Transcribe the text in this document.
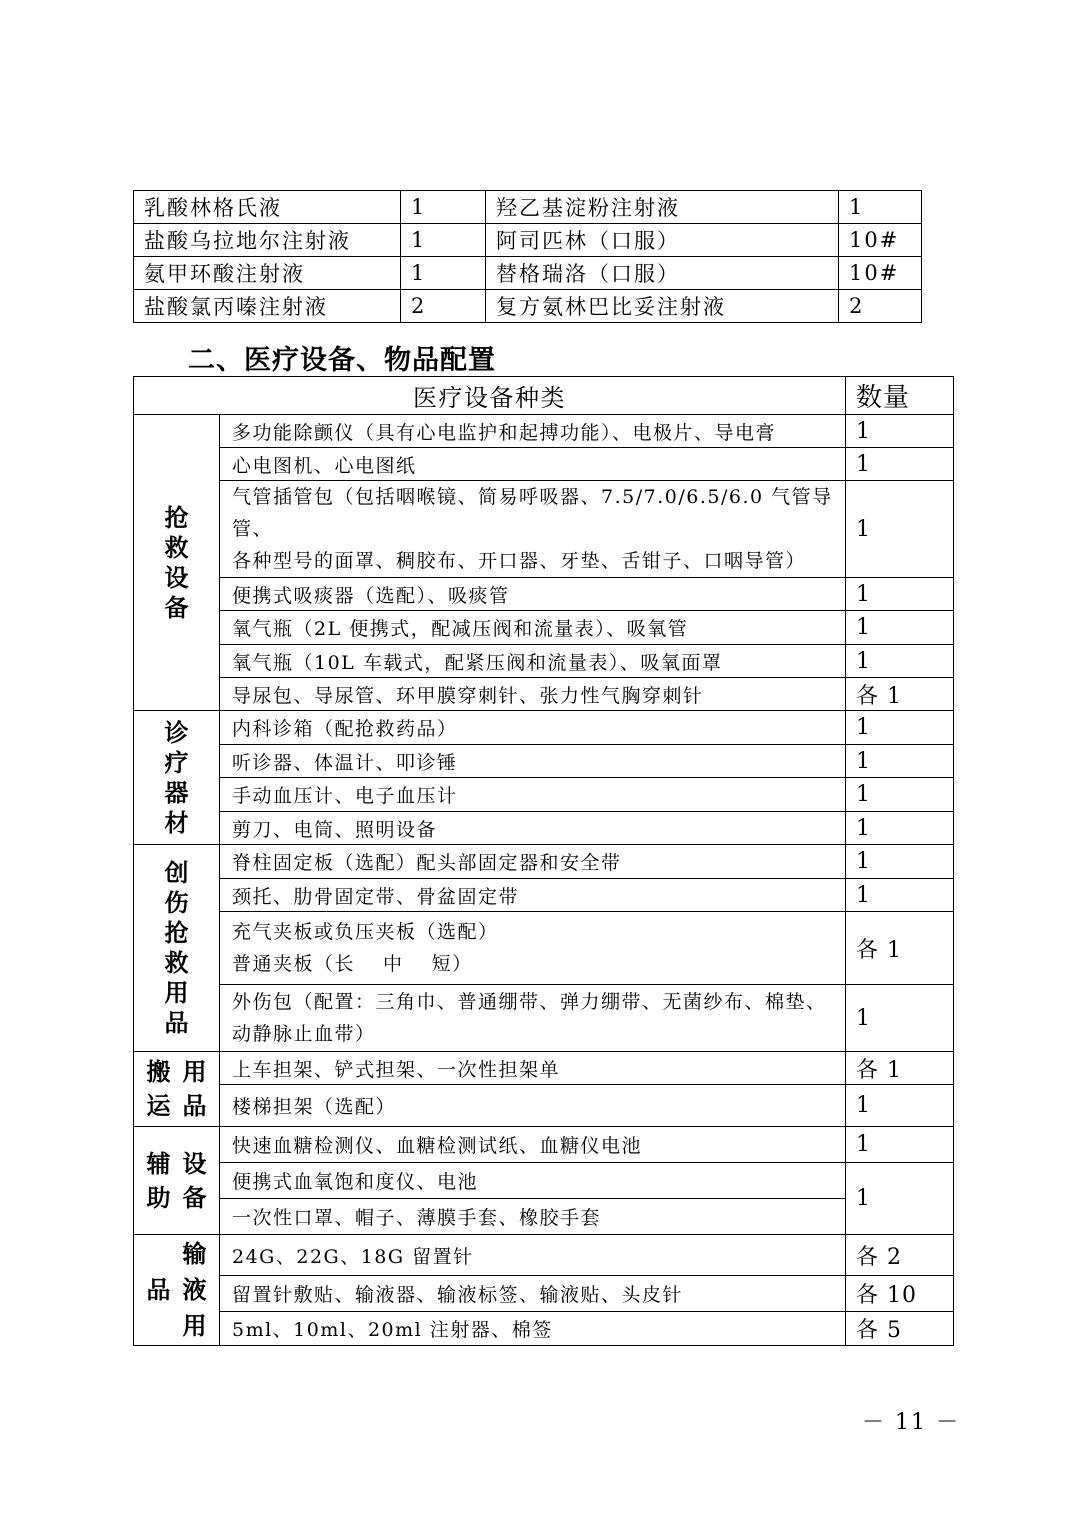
乳酸林格氏液	1	羟乙基淀粉注射液	1
盐酸乌拉地尔注射液	1	阿司匹林（口服）	10#
氨甲环酸注射液	1	替格瑞洛（口服）	10#
盐酸氯丙嗪注射液	2	复方氨林巴比妥注射液	2
二、医疗设备、物品配置
医疗设备种类		数量
抢救设备	多功能除颤仪（具有心电监护和起搏功能）、电极片、导电膏	1
	心电图机、心电图纸	1

	气管插管包（包括咽喉镜、简易呼吸器、7.5/7.0/6.5/6.0 气管导管、
各种型号的面罩、稠胶布、开口器、牙垫、舌钳子、口咽导管）	1
	便携式吸痰器（选配）、吸痰管	1
	氧气瓶（2L 便携式，配减压阀和流量表）、吸氧管	1
	氧气瓶（10L 车载式，配紧压阀和流量表）、吸氧面罩	1
	导尿包、导尿管、环甲膜穿刺针、张力性气胸穿刺针	各 1
诊疗器材	内科诊箱（配抢救药品）	1
	听诊器、体温计、叩诊锤	1
	手动血压计、电子血压计	1
	剪刀、电筒、照明设备	1
创伤抢救用品	脊柱固定板（选配）配头部固定器和安全带	1
	颈托、肋骨固定带、骨盆固定带	1

	充气夹板或负压夹板（选配）
普通夹板（长　 中　 短）	各 1

	外伤包（配置：三角巾、普通绷带、弹力绷带、无菌纱布、棉垫、
动静脉止血带）	1

搬 用
运 品	上车担架、铲式担架、一次性担架单	各 1
	楼梯担架（选配）	1

辅 设
助 备	快速血糖检测仪、血糖检测试纸、血糖仪电池	1
	便携式血氧饱和度仪、电池	1
	一次性口罩、帽子、薄膜手套、橡胶手套	

输
品 液
用	24G、22G、18G 留置针	各 2
	留置针敷贴、输液器、输液标签、输液贴、头皮针	各 10
	5ml、10ml、20ml 注射器、棉签	各 5
－ 11 －
